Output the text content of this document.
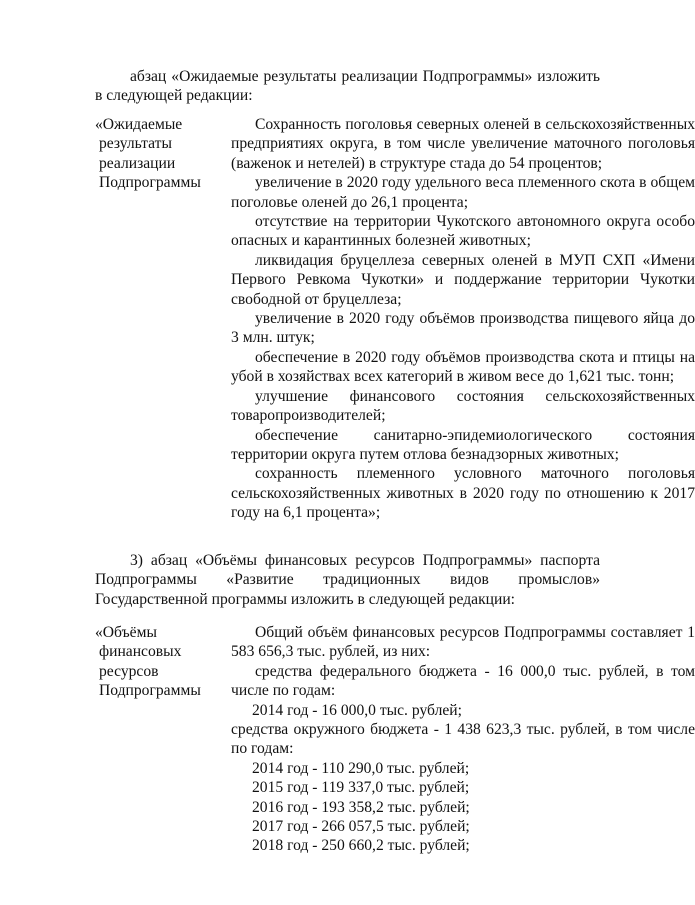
абзац «Ожидаемые результаты реализации Подпрограммы» изложить в следующей редакции:

«Ожидаемые
результаты
реализации
Подпрограммы

Сохранность поголовья северных оленей в сельскохозяйственных предприятиях округа, в том числе увеличение маточного поголовья (важенок и нетелей) в структуре стада до 54 процентов;

увеличение в 2020 году удельного веса племенного скота в общем поголовье оленей до 26,1 процента;

отсутствие на территории Чукотского автономного округа особо опасных и карантинных болезней животных;

ликвидация бруцеллеза северных оленей в МУП СХП «Имени Первого Ревкома Чукотки» и поддержание территории Чукотки свободной от бруцеллеза;

увеличение в 2020 году объёмов производства пищевого яйца до 3 млн. штук;

обеспечение в 2020 году объёмов производства скота и птицы на убой в хозяйствах всех категорий в живом весе до 1,621 тыс. тонн;

улучшение финансового состояния сельскохозяйственных товаропроизводителей;

обеспечение санитарно-эпидемиологического состояния территории округа путем отлова безнадзорных животных;

сохранность племенного условного маточного поголовья сельскохозяйственных животных в 2020 году по отношению к 2017 году на 6,1 процента»;

3) абзац «Объёмы финансовых ресурсов Подпрограммы» паспорта Подпрограммы «Развитие традиционных видов промыслов» Государственной программы изложить в следующей редакции:

«Объёмы
финансовых
ресурсов
Подпрограммы

Общий объём финансовых ресурсов Подпрограммы составляет 1 583 656,3 тыс. рублей, из них:

средства федерального бюджета - 16 000,0 тыс. рублей, в том числе по годам:

2014 год - 16 000,0 тыс. рублей;

средства окружного бюджета - 1 438 623,3 тыс. рублей, в том числе по годам:

2014 год - 110 290,0 тыс. рублей;

2015 год - 119 337,0 тыс. рублей;

2016 год - 193 358,2 тыс. рублей;

2017 год - 266 057,5 тыс. рублей;

2018 год - 250 660,2 тыс. рублей;
